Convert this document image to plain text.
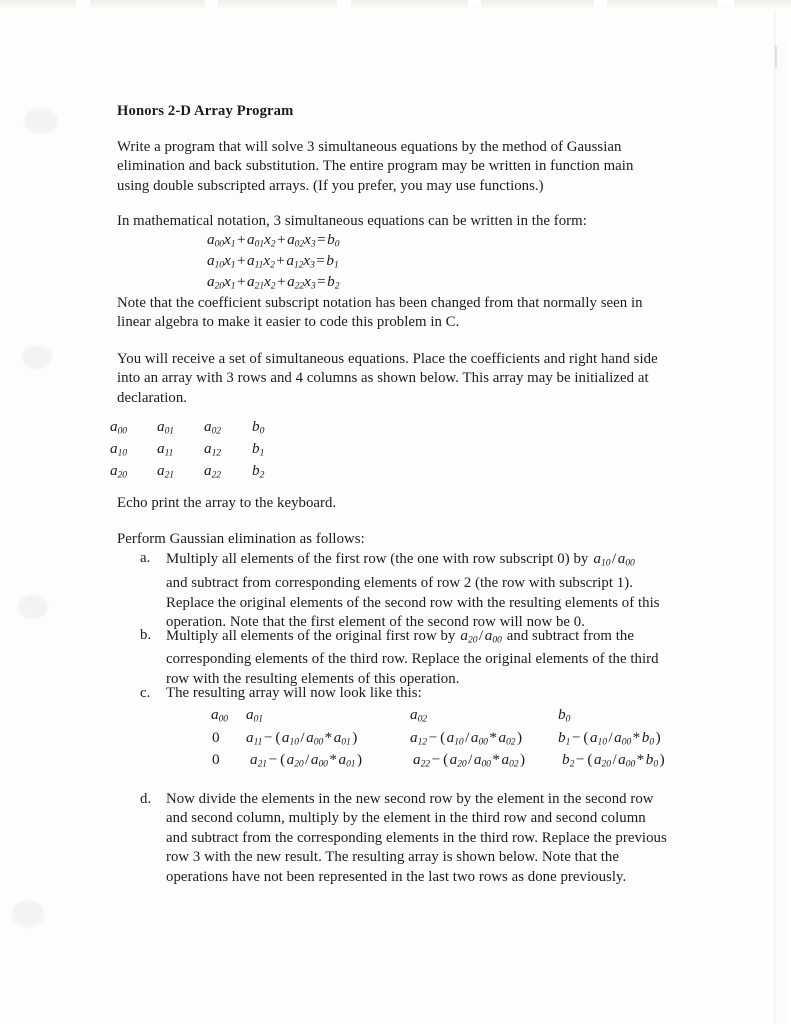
Honors 2-D Array Program
Write a program that will solve 3 simultaneous equations by the method of Gaussian elimination and back substitution. The entire program may be written in function main using double subscripted arrays. (If you prefer, you may use functions.)
In mathematical notation, 3 simultaneous equations can be written in the form:
$a_{00}x_1+a_{01}x_2+a_{02}x_3=b_0$
$a_{10}x_1+a_{11}x_2+a_{12}x_3=b_1$
$a_{20}x_1+a_{21}x_2+a_{22}x_3=b_2$
Note that the coefficient subscript notation has been changed from that normally seen in linear algebra to make it easier to code this problem in C.
You will receive a set of simultaneous equations. Place the coefficients and right hand side into an array with 3 rows and 4 columns as shown below. This array may be initialized at declaration.
$a_{00}$ $a_{01}$ $a_{02}$ $b_0$
$a_{10}$ $a_{11}$ $a_{12}$ $b_1$
$a_{20}$ $a_{21}$ $a_{22}$ $b_2$
Echo print the array to the keyboard.
Perform Gaussian elimination as follows:
a. Multiply all elements of the first row (the one with row subscript 0) by $a_{10}/a_{00}$
and subtract from corresponding elements of row 2 (the row with subscript 1). Replace the original elements of the second row with the resulting elements of this operation. Note that the first element of the second row will now be 0.
b. Multiply all elements of the original first row by $a_{20}/a_{00}$ and subtract from the
corresponding elements of the third row. Replace the original elements of the third row with the resulting elements of this operation.
c. The resulting array will now look like this:
$a_{00}$ $a_{01}$	$a_{02}$	$b_0$
0 $a_{11}- (a_{10}/a_{00}*a_{01})$	$a_{12}- (a_{10}/a_{00}*a_{02})$ $b_1- (a_{10}/a_{00}*b_0)$
0 $a_{21}- (a_{20}/a_{00}*a_{01})$	$a_{22}- (a_{20}/a_{00}*a_{02})$ $b_2- (a_{20}/a_{00}*b_0)$
d. Now divide the elements in the new second row by the element in the second row and second column, multiply by the element in the third row and second column and subtract from the corresponding elements in the third row. Replace the previous row 3 with the new result. The resulting array is shown below. Note that the operations have not been represented in the last two rows as done previously.
